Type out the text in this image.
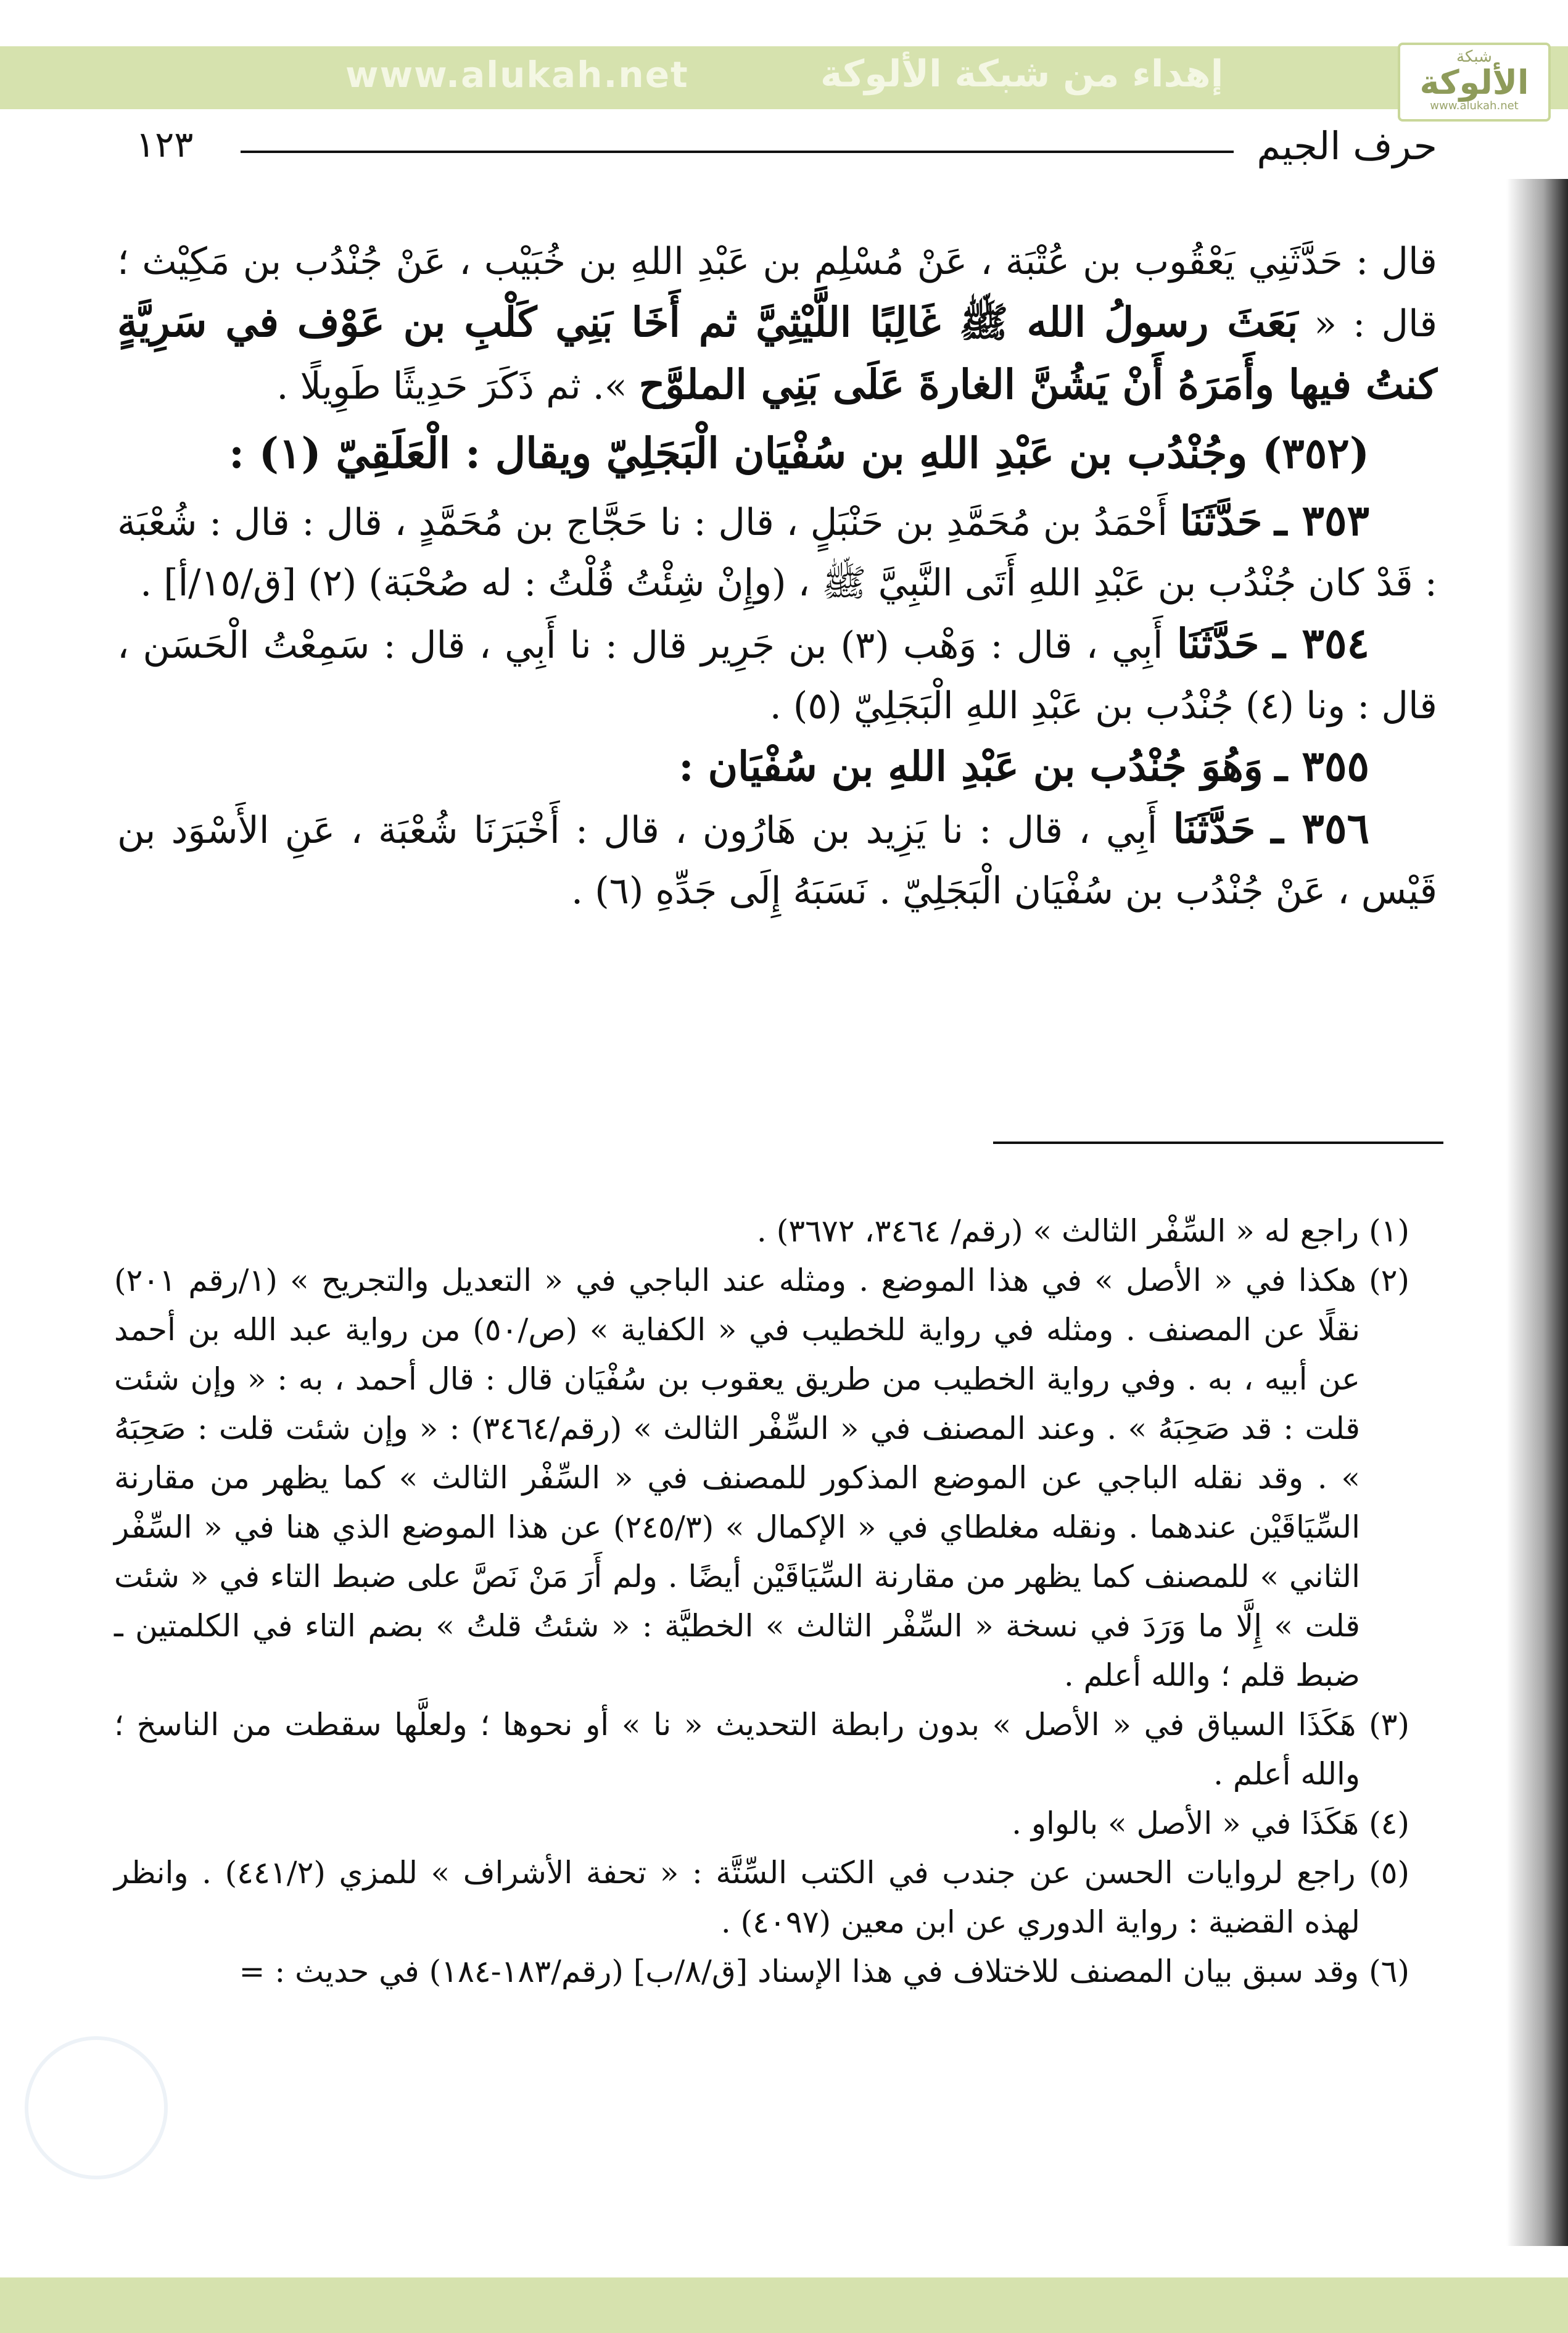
www.alukah.net	إهداء من شبكة الألوكة	شبكة
الألوكة
www.alukah.net
حرف الجيم
١٢٣

قال : حَدَّثَنِي يَعْقُوب بن عُتْبَة ، عَنْ مُسْلِم بن عَبْدِ اللهِ بن خُبَيْب ، عَنْ جُنْدُب بن مَكِيْث ؛ قال : « بَعَثَ رسولُ الله ﷺ غَالِبًا اللَّيْثِيَّ ثم أَخَا بَنِي كَلْبِ بن عَوْف في سَرِيَّةٍ كنتُ فيها وأَمَرَهُ أَنْ يَشُنَّ الغارةَ عَلَى بَنِي الملوَّح ». ثم ذَكَرَ حَدِيثًا طَوِيلًا .

(٣٥٢) وجُنْدُب بن عَبْدِ اللهِ بن سُفْيَان الْبَجَلِيّ ويقال : الْعَلَقِيّ (١) :

٣٥٣ ـ حَدَّثَنَا أَحْمَدُ بن مُحَمَّدِ بن حَنْبَلٍ ، قال : نا حَجَّاج بن مُحَمَّدٍ ، قال : قال : شُعْبَة : قَدْ كان جُنْدُب بن عَبْدِ اللهِ أَتَى النَّبِيَّ ﷺ ، (وإِنْ شِئْتُ قُلْتُ : له صُحْبَة) (٢) [ق/١٥/أ] .

٣٥٤ ـ حَدَّثَنَا أَبِي ، قال : وَهْب (٣) بن جَرِير قال : نا أَبِي ، قال : سَمِعْتُ الْحَسَن ، قال : ونا (٤) جُنْدُب بن عَبْدِ اللهِ الْبَجَلِيّ (٥) .

٣٥٥ ـ وَهُوَ جُنْدُب بن عَبْدِ اللهِ بن سُفْيَان :

٣٥٦ ـ حَدَّثَنَا أَبِي ، قال : نا يَزِيد بن هَارُون ، قال : أَخْبَرَنَا شُعْبَة ، عَنِ الأَسْوَد بن قَيْس ، عَنْ جُنْدُب بن سُفْيَان الْبَجَلِيّ . نَسَبَهُ إِلَى جَدِّهِ (٦) .

(١) راجع له « السِّفْر الثالث » (رقم/ ٣٤٦٤، ٣٦٧٢) .

(٢) هكذا في « الأصل » في هذا الموضع . ومثله عند الباجي في « التعديل والتجريح » (١/رقم ٢٠١) نقلًا عن المصنف . ومثله في رواية للخطيب في « الكفاية » (ص/٥٠) من رواية عبد الله بن أحمد عن أبيه ، به . وفي رواية الخطيب من طريق يعقوب بن سُفْيَان قال : قال أحمد ، به : « وإن شئت قلت : قد صَحِبَهُ » . وعند المصنف في « السِّفْر الثالث » (رقم/٣٤٦٤) : « وإن شئت قلت : صَحِبَهُ » . وقد نقله الباجي عن الموضع المذكور للمصنف في « السِّفْر الثالث » كما يظهر من مقارنة السِّيَاقَيْن عندهما . ونقله مغلطاي في « الإكمال » (٢٤٥/٣) عن هذا الموضع الذي هنا في « السِّفْر الثاني » للمصنف كما يظهر من مقارنة السِّيَاقَيْن أيضًا . ولم أَرَ مَنْ نَصَّ على ضبط التاء في « شئت قلت » إِلَّا ما وَرَدَ في نسخة « السِّفْر الثالث » الخطيَّة : « شئتُ قلتُ » بضم التاء في الكلمتين ـ ضبط قلم ؛ والله أعلم .

(٣) هَكَذَا السياق في « الأصل » بدون رابطة التحديث « نا » أو نحوها ؛ ولعلَّها سقطت من الناسخ ؛ والله أعلم .

(٤) هَكَذَا في « الأصل » بالواو .

(٥) راجع لروايات الحسن عن جندب في الكتب السِّتَّة : « تحفة الأشراف » للمزي (٤٤١/٢) . وانظر لهذه القضية : رواية الدوري عن ابن معين (٤٠٩٧) .

(٦) وقد سبق بيان المصنف للاختلاف في هذا الإسناد [ق/٨/ب] (رقم/١٨٣-١٨٤) في حديث : =
